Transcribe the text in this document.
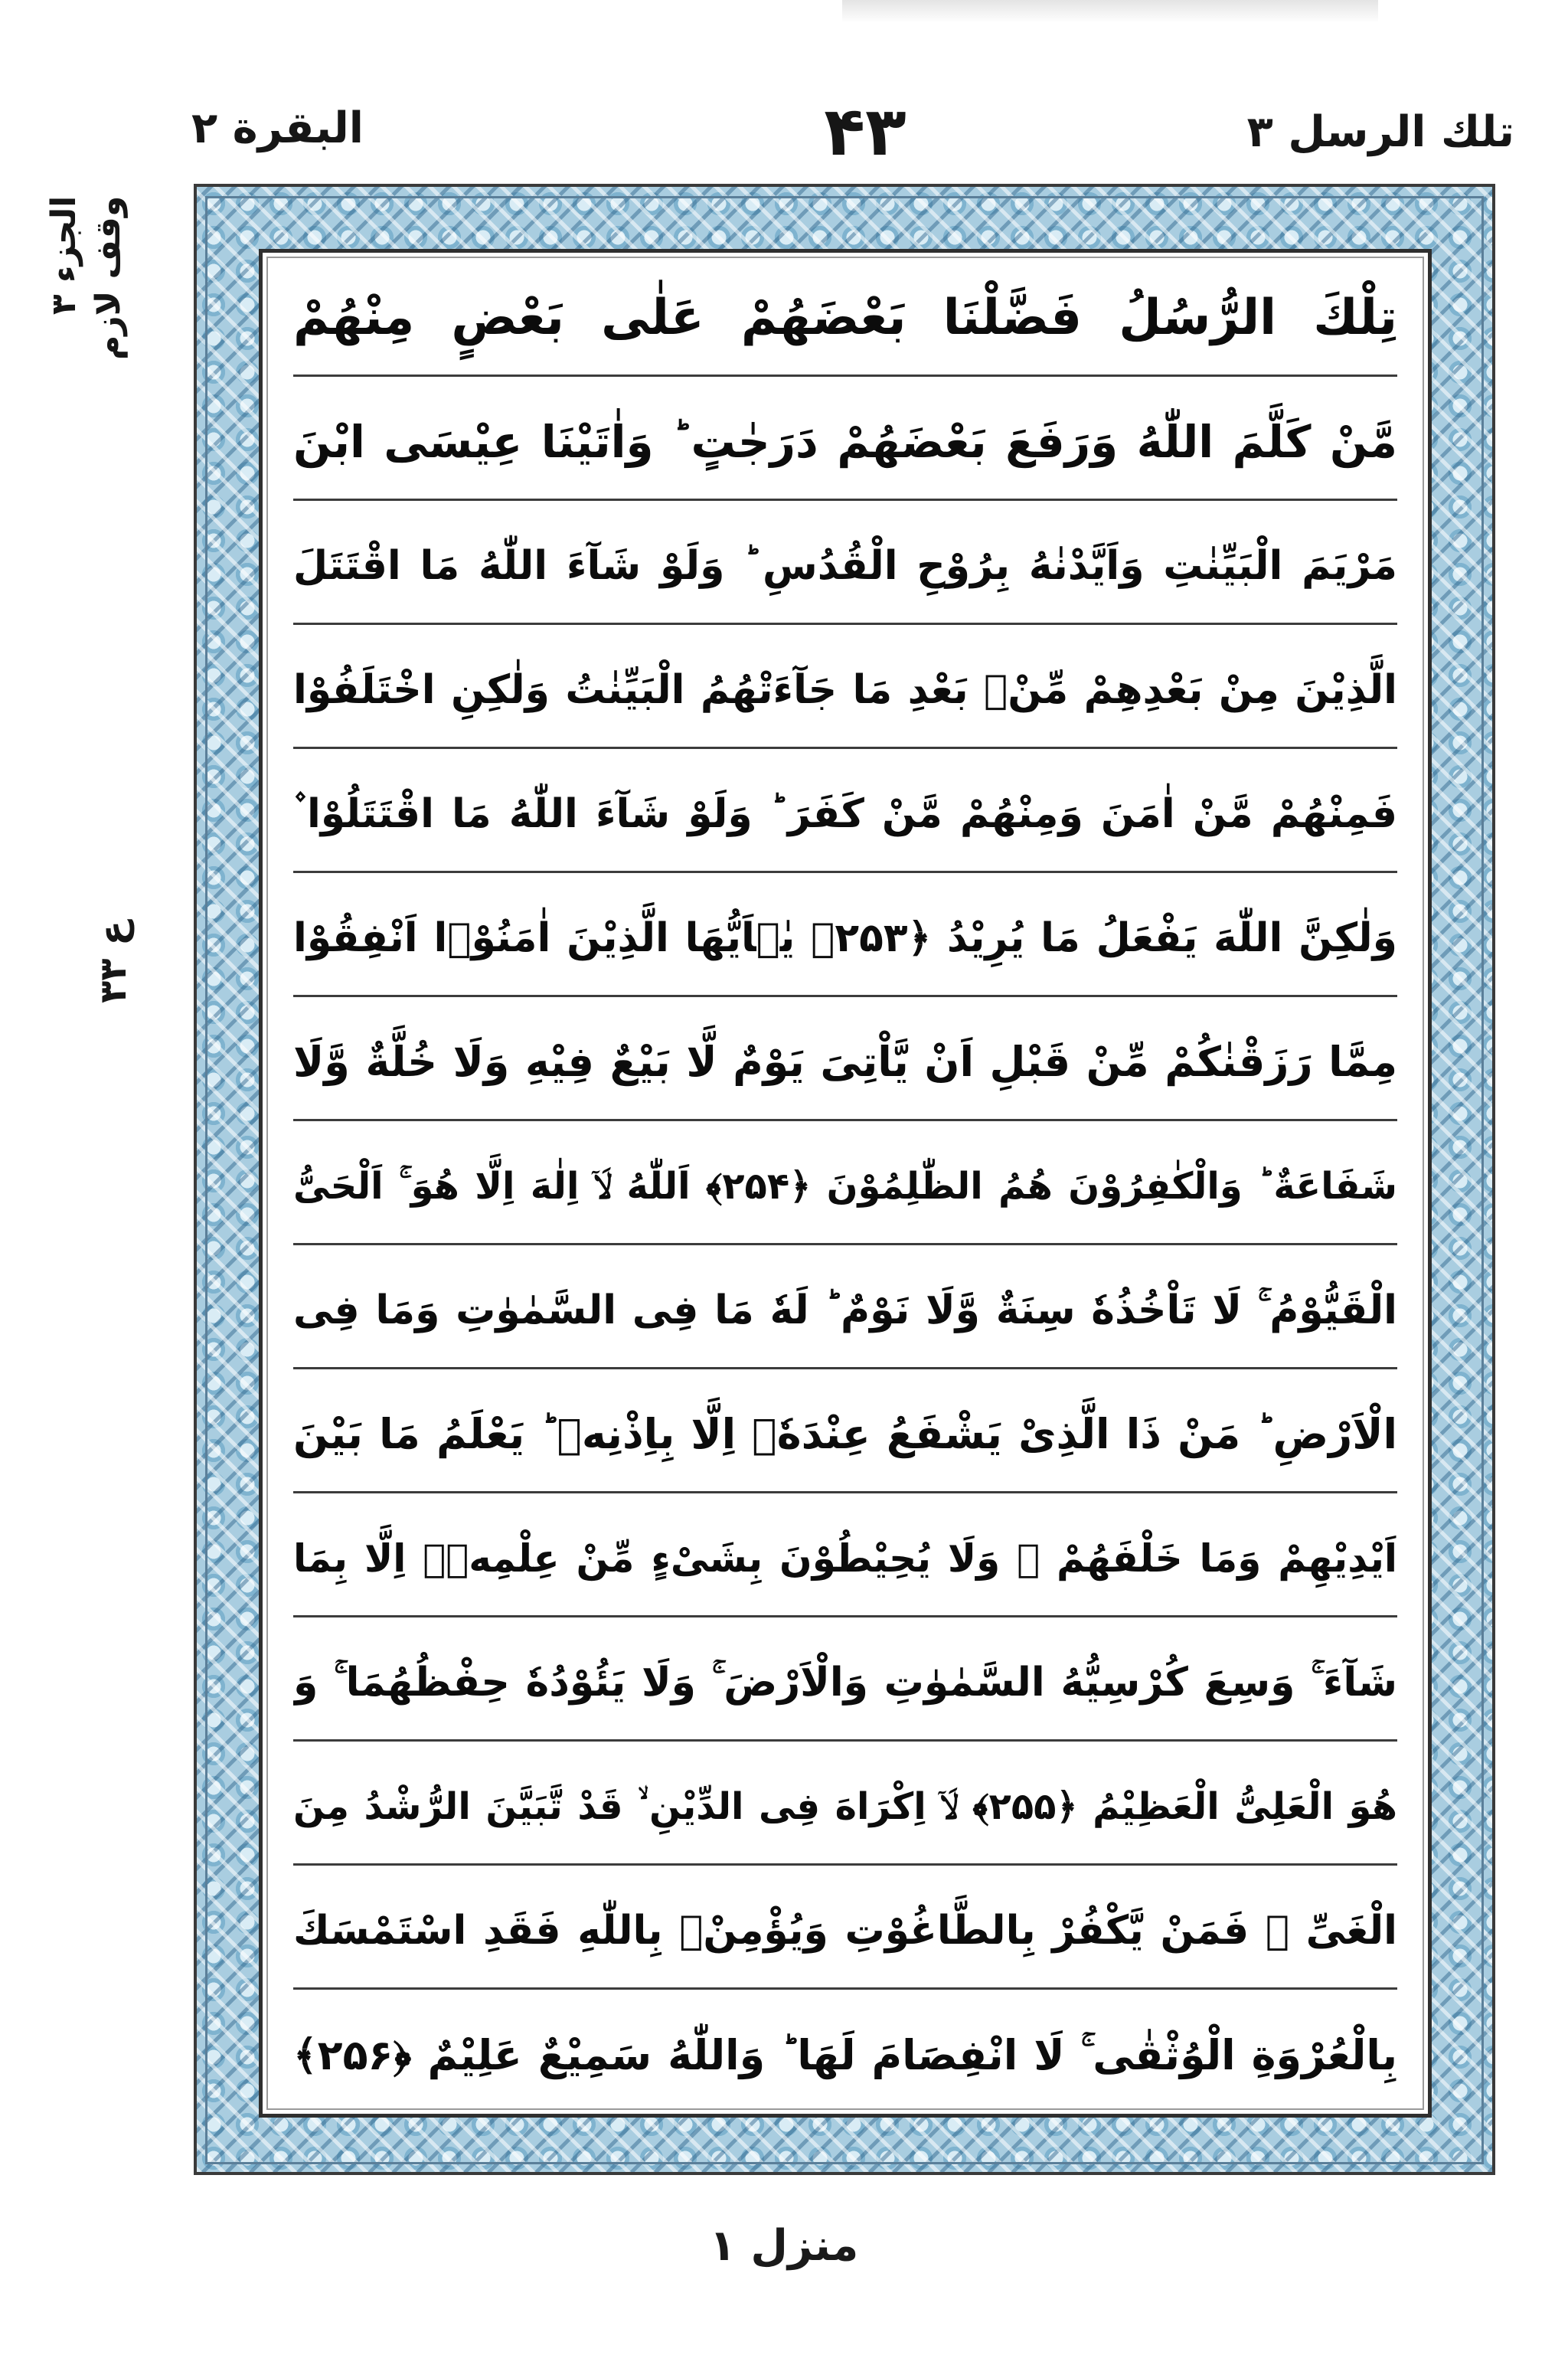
تلك الرسل ٣
۴۳
البقرة ٢
الجزء ٣ وقف لازم
ع ٣٣
تِلْكَ الرُّسُلُ فَضَّلْنَا بَعْضَهُمْ عَلٰى بَعْضٍ مِنْهُمْ
مَّنْ كَلَّمَ اللّٰهُ وَرَفَعَ بَعْضَهُمْ دَرَجٰتٍ ؕ وَاٰتَيْنَا عِيْسَى ابْنَ
مَرْيَمَ الْبَيِّنٰتِ وَاَيَّدْنٰهُ بِرُوْحِ الْقُدُسِ ؕ وَلَوْ شَآءَ اللّٰهُ مَا اقْتَتَلَ
الَّذِيْنَ مِنْ بَعْدِهِمْ مِّنْۢ بَعْدِ مَا جَآءَتْهُمُ الْبَيِّنٰتُ وَلٰكِنِ اخْتَلَفُوْا
فَمِنْهُمْ مَّنْ اٰمَنَ وَمِنْهُمْ مَّنْ كَفَرَ ؕ وَلَوْ شَآءَ اللّٰهُ مَا اقْتَتَلُوْا ۫
وَلٰكِنَّ اللّٰهَ يَفْعَلُ مَا يُرِيْدُ ﴿۲۵۳﴾ يٰۤاَيُّهَا الَّذِيْنَ اٰمَنُوْۤا اَنْفِقُوْا
مِمَّا رَزَقْنٰكُمْ مِّنْ قَبْلِ اَنْ يَّاْتِىَ يَوْمٌ لَّا بَيْعٌ فِيْهِ وَلَا خُلَّةٌ وَّلَا
شَفَاعَةٌ ؕ وَالْكٰفِرُوْنَ هُمُ الظّٰلِمُوْنَ ﴿۲۵۴﴾ اَللّٰهُ لَاۤ اِلٰهَ اِلَّا هُوَ ۚ اَلْحَىُّ
الْقَيُّوْمُ ۚ لَا تَاْخُذُهٗ سِنَةٌ وَّلَا نَوْمٌ ؕ لَهٗ مَا فِى السَّمٰوٰتِ وَمَا فِى
الْاَرْضِ ؕ مَنْ ذَا الَّذِىْ يَشْفَعُ عِنْدَهٗۤ اِلَّا بِاِذْنِهٖ ؕ يَعْلَمُ مَا بَيْنَ
اَيْدِيْهِمْ وَمَا خَلْفَهُمْ ۚ وَلَا يُحِيْطُوْنَ بِشَىْءٍ مِّنْ عِلْمِهٖۤ اِلَّا بِمَا
شَآءَ ۚ وَسِعَ كُرْسِيُّهُ السَّمٰوٰتِ وَالْاَرْضَ ۚ وَلَا يَئُوْدُهٗ حِفْظُهُمَا ۚ وَ
هُوَ الْعَلِىُّ الْعَظِيْمُ ﴿۲۵۵﴾ لَاۤ اِكْرَاهَ فِى الدِّيْنِ ۙ قَدْ تَّبَيَّنَ الرُّشْدُ مِنَ
الْغَىِّ ۚ فَمَنْ يَّكْفُرْ بِالطَّاغُوْتِ وَيُؤْمِنْۢ بِاللّٰهِ فَقَدِ اسْتَمْسَكَ
بِالْعُرْوَةِ الْوُثْقٰى ۚ لَا انْفِصَامَ لَهَا ؕ وَاللّٰهُ سَمِيْعٌ عَلِيْمٌ ﴿۲۵۶﴾
منزل ١
